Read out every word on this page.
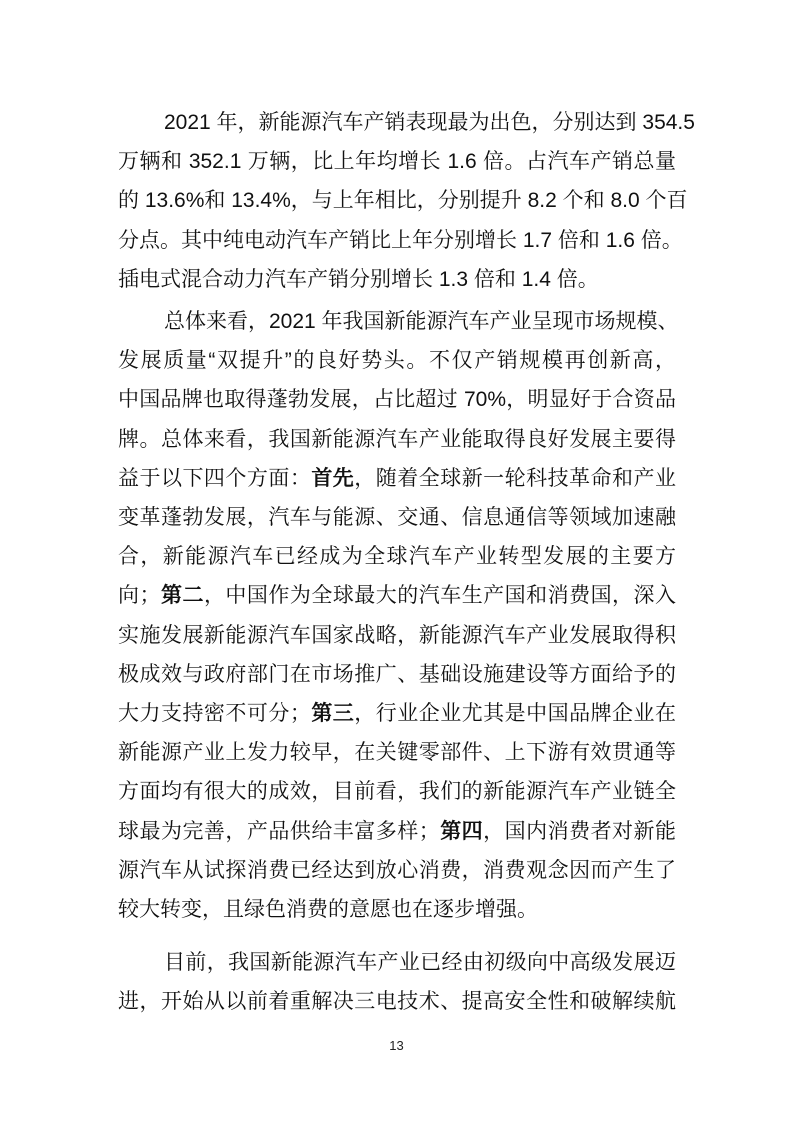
2021 年，新能源汽车产销表现最为出色，分别达到 354.5
万辆和 352.1 万辆，比上年均增长 1.6 倍。占汽车产销总量
的 13.6%和 13.4%，与上年相比，分别提升 8.2 个和 8.0 个百
分点。其中纯电动汽车产销比上年分别增长 1.7 倍和 1.6 倍。
插电式混合动力汽车产销分别增长 1.3 倍和 1.4 倍。
总体来看，2021 年我国新能源汽车产业呈现市场规模、
发展质量“双提升”的良好势头。不仅产销规模再创新高，
中国品牌也取得蓬勃发展，占比超过 70%，明显好于合资品
牌。总体来看，我国新能源汽车产业能取得良好发展主要得
益于以下四个方面：首先，随着全球新一轮科技革命和产业
变革蓬勃发展，汽车与能源、交通、信息通信等领域加速融
合，新能源汽车已经成为全球汽车产业转型发展的主要方
向；第二，中国作为全球最大的汽车生产国和消费国，深入
实施发展新能源汽车国家战略，新能源汽车产业发展取得积
极成效与政府部门在市场推广、基础设施建设等方面给予的
大力支持密不可分；第三，行业企业尤其是中国品牌企业在
新能源产业上发力较早，在关键零部件、上下游有效贯通等
方面均有很大的成效，目前看，我们的新能源汽车产业链全
球最为完善，产品供给丰富多样；第四，国内消费者对新能
源汽车从试探消费已经达到放心消费，消费观念因而产生了
较大转变，且绿色消费的意愿也在逐步增强。
目前，我国新能源汽车产业已经由初级向中高级发展迈
进，开始从以前着重解决三电技术、提高安全性和破解续航
13
